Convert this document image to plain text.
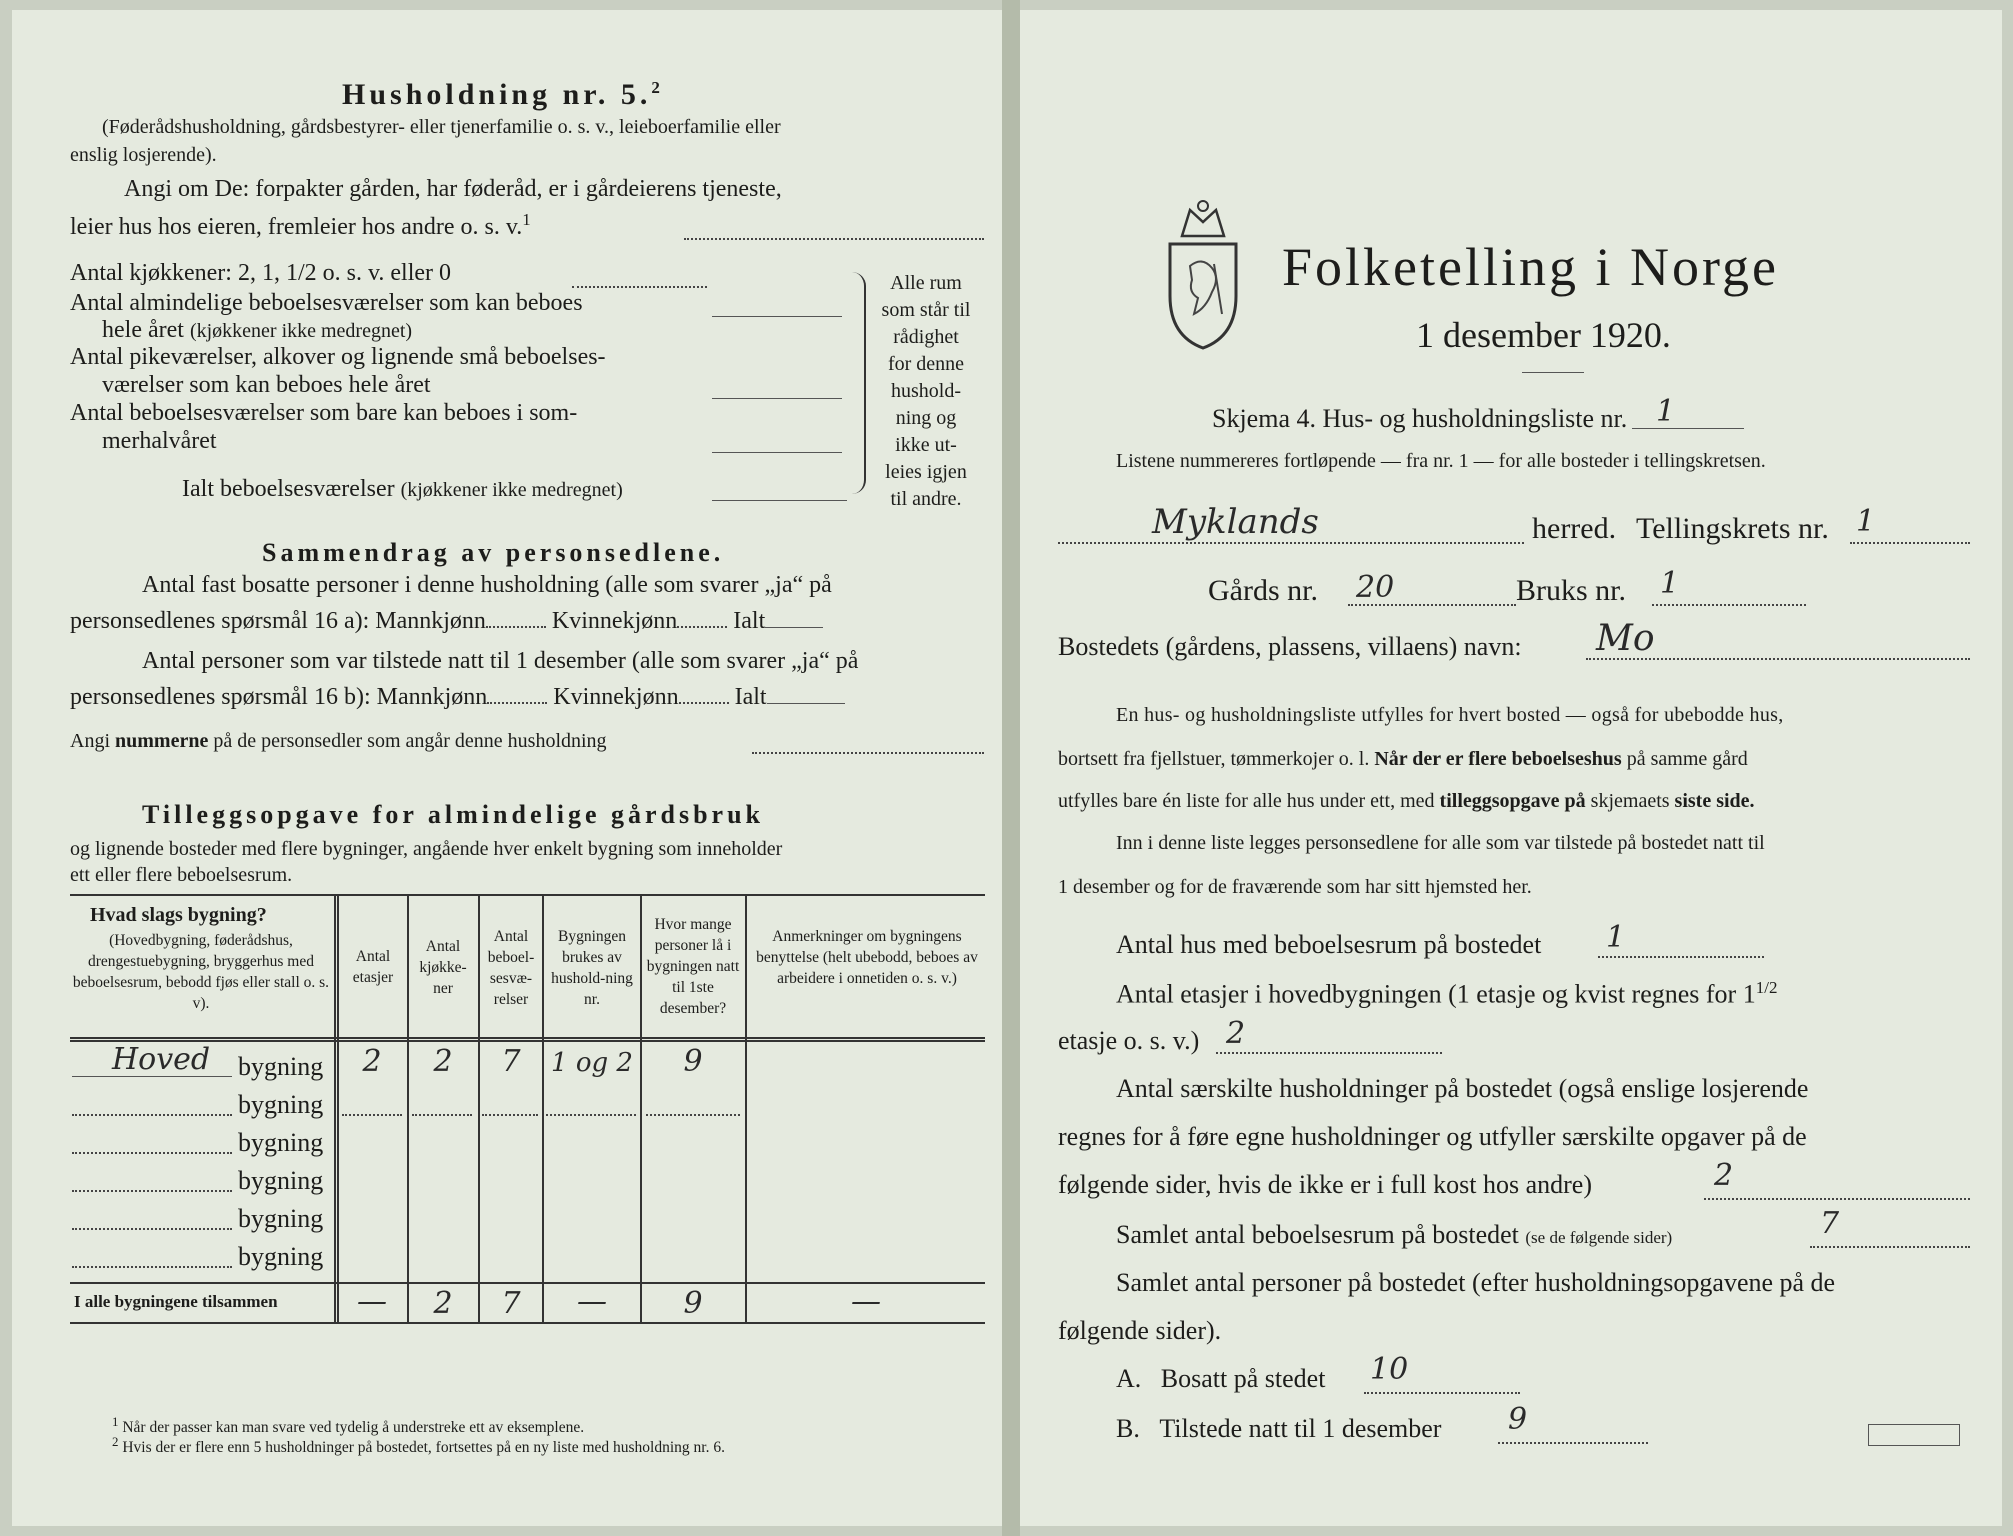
Husholdning nr. 5.$^2$
(Føderådshusholdning, gårdsbestyrer- eller tjenerfamilie o. s. v., leieboerfamilie eller
enslig losjerende).
Angi om De: forpakter gården, har føderåd, er i gårdeierens tjeneste,
leier hus hos eieren, fremleier hos andre o. s. v.$^1$
Antal kjøkkener: 2, 1, 1/2 o. s. v. eller 0
Antal almindelige beboelsesværelser som kan beboes
hele året (kjøkkener ikke medregnet)
Antal pikeværelser, alkover og lignende små beboelses-
værelser som kan beboes hele året
Antal beboelsesværelser som bare kan beboes i som-
merhalvåret
Ialt beboelsesværelser (kjøkkener ikke medregnet)
Alle rum
som står til
rådighet
for denne
hushold-
ning og
ikke ut-
leies igjen
til andre.
Sammendrag av personsedlene.
Antal fast bosatte personer i denne husholdning (alle som svarer „ja“ på
personsedlenes spørsmål 16 a): Mannkjønn	Kvinnekjønn Ialt
Antal personer som var tilstede natt til 1 desember (alle som svarer „ja“ på
personsedlenes spørsmål 16 b): Mannkjønn	Kvinnekjønn Ialt
Angi nummerne på de personsedler som angår denne husholdning
Tilleggsopgave for almindelige gårdsbruk
og lignende bosteder med flere bygninger, angående hver enkelt bygning som inneholder
ett eller flere beboelsesrum.
Hvad slags bygning?
(Hovedbygning, føderådshus, drengestuebygning, bryggerhus med beboelsesrum, bebodd fjøs eller stall o. s. v).
Antal etasjer
Antal kjøkke-ner
Antal beboel-sesvæ-relser
Bygningen brukes av hushold-ning nr.
Hvor mange personer lå i bygningen natt til 1ste desember?
Anmerkninger om bygningens benyttelse (helt ubebodd, beboes av arbeidere i onnetiden o. s. v.)
Hoved bygning	2	2	7	1 og 2	9
bygning
bygning
bygning
bygning
bygning
I alle bygningene tilsammen	—	2	7	—	9	—
$^1$ Når der passer kan man svare ved tydelig å understreke ett av eksemplene.
$^2$ Hvis der er flere enn 5 husholdninger på bostedet, fortsettes på en ny liste med husholdning nr. 6.
Folketelling i Norge
1 desember 1920.
Skjema 4. Hus- og husholdningsliste nr. 1
Listene nummereres fortløpende — fra nr. 1 — for alle bosteder i tellingskretsen.
Myklands	herred. Tellingskrets nr. 1
Gårds nr. 20	Bruks nr. 1
Bostedets (gårdens, plassens, villaens) navn: Mo
En hus- og husholdningsliste utfylles for hvert bosted — også for ubebodde hus,
bortsett fra fjellstuer, tømmerkojer o. l. Når der er flere beboelseshus på samme gård
utfylles bare én liste for alle hus under ett, med tilleggsopgave på skjemaets siste side.
Inn i denne liste legges personsedlene for alle som var tilstede på bostedet natt til
1 desember og for de fraværende som har sitt hjemsted her.
Antal hus med beboelsesrum på bostedet 1
Antal etasjer i hovedbygningen (1 etasje og kvist regnes for $1^{1/2}$
etasje o. s. v.) 2
Antal særskilte husholdninger på bostedet (også enslige losjerende
regnes for å føre egne husholdninger og utfyller særskilte opgaver på de
følgende sider, hvis de ikke er i full kost hos andre)	2
Samlet antal beboelsesrum på bostedet (se de følgende sider)	7
Samlet antal personer på bostedet (efter husholdningsopgavene på de
følgende sider).
A. Bosatt på stedet 10
B. Tilstede natt til 1 desember 9
